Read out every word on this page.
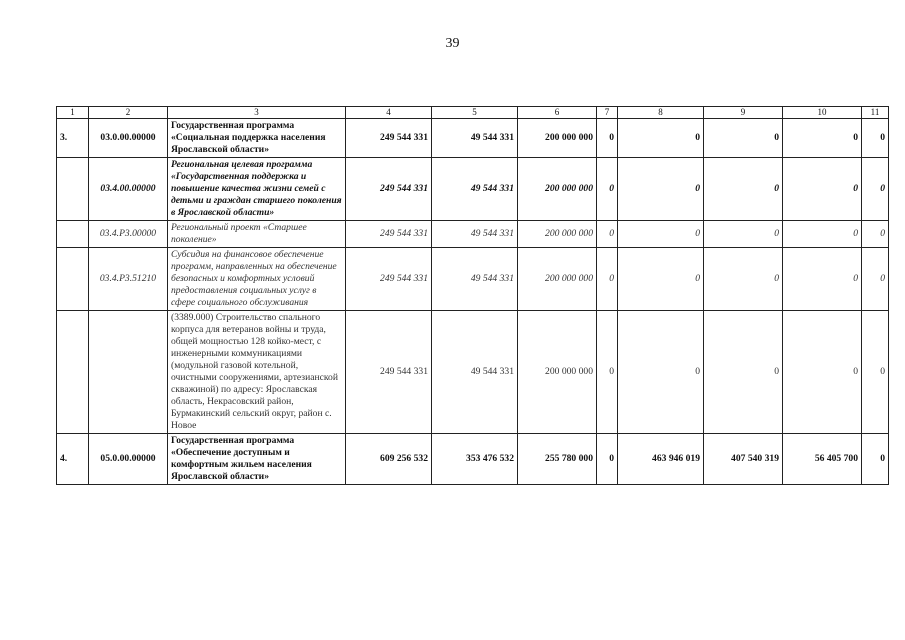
39
1	2	3	4	5	6	7	8	9	10	11
3.	03.0.00.00000	Государственная программа «Социальная поддержка населения Ярославской области»	249 544 331	49 544 331	200 000 000	0	0	0	0	0
	03.4.00.00000	Региональная целевая программа «Государственная поддержка и повышение качества жизни семей с детьми и граждан старшего поколения в Ярославской области»	249 544 331	49 544 331	200 000 000	0	0	0	0	0
	03.4.P3.00000	Региональный проект «Старшее поколение»	249 544 331	49 544 331	200 000 000	0	0	0	0	0
	03.4.P3.51210	Субсидия на финансовое обеспечение программ, направленных на обеспечение безопасных и комфортных условий предоставления социальных услуг в сфере социального обслуживания	249 544 331	49 544 331	200 000 000	0	0	0	0	0
		(3389.000) Строительство спального корпуса для ветеранов войны и труда, общей мощностью 128 койко-мест, с инженерными коммуникациями (модульной газовой котельной, очистными сооружениями, артезианской скважиной) по адресу: Ярославская область, Некрасовский район, Бурмакинский сельский округ, район с. Новое	249 544 331	49 544 331	200 000 000	0	0	0	0	0
4.	05.0.00.00000	Государственная программа «Обеспечение доступным и комфортным жильем населения Ярославской области»	609 256 532	353 476 532	255 780 000	0	463 946 019	407 540 319	56 405 700	0
